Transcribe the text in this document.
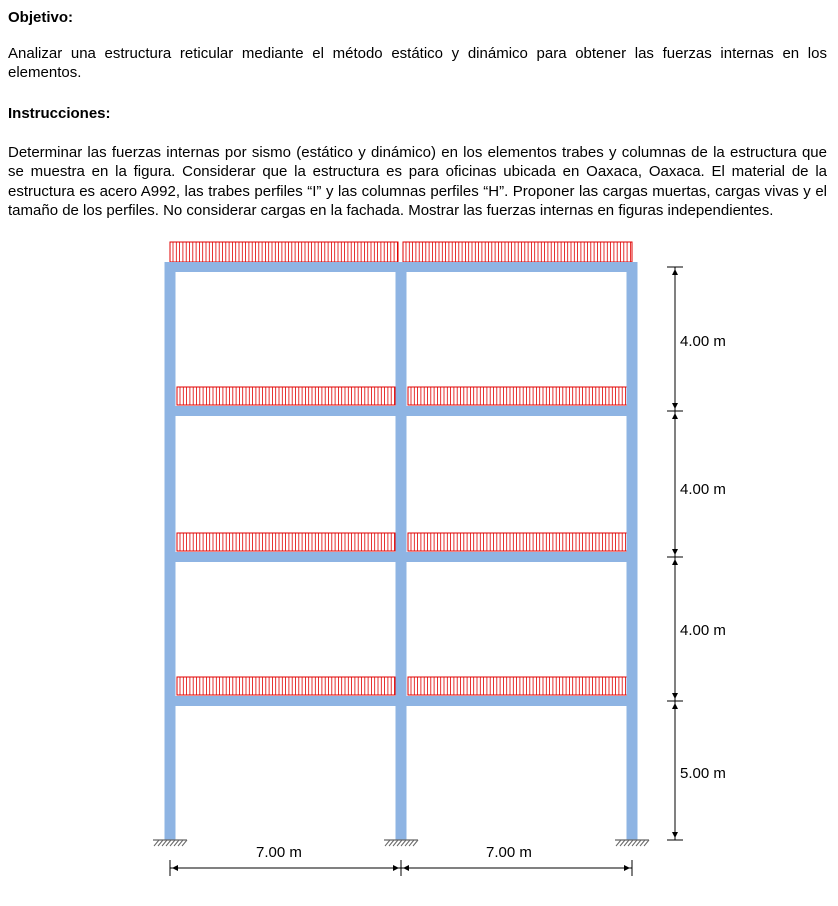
Objetivo:

Analizar una estructura reticular mediante el método estático y dinámico para obtener las fuerzas internas en los elementos.

Instrucciones:

Determinar las fuerzas internas por sismo (estático y dinámico) en los elementos trabes y columnas de la estructura que se muestra en la figura. Considerar que la estructura es para oficinas ubicada en Oaxaca, Oaxaca. El material de la estructura es acero A992, las trabes perfiles “I” y las columnas perfiles “H”. Proponer las cargas muertas, cargas vivas y el tamaño de los perfiles. No considerar cargas en la fachada. Mostrar las fuerzas internas en figuras independientes.

4.00 m
4.00 m
4.00 m
5.00 m
7.00 m	7.00 m
